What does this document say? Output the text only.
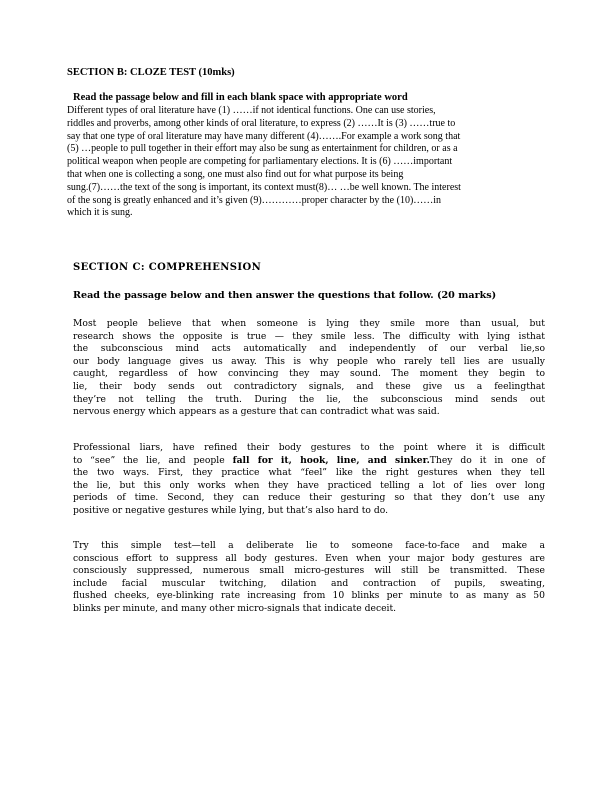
SECTION B: CLOZE TEST (10mks)
Read the passage below and fill in each blank space with appropriate word
Different types of oral literature have (1) ……if not identical functions. One can use stories,
riddles and proverbs, among other kinds of oral literature, to express (2) ……It is (3) ……true to
say that one type of oral literature may have many different (4)…….For example a work song that
(5) …people to pull together in their effort may also be sung as entertainment for children, or as a
political weapon when people are competing for parliamentary elections. It is (6) ……important
that when one is collecting a song, one must also find out for what purpose its being
sung.(7)……the text of the song is important, its context must(8)… …be well known. The interest
of the song is greatly enhanced and it’s given (9)…………proper character by the (10)……in
which it is sung.
SECTION C: COMPREHENSION
Read the passage below and then answer the questions that follow. (20 marks)
Most people believe that when someone is lying they smile more than usual, but
research shows the opposite is true — they smile less. The difficulty with lying isthat
the subconscious mind acts automatically and independently of our verbal lie,so
our body language gives us away. This is why people who rarely tell lies are usually
caught, regardless of how convincing they may sound. The moment they begin to
lie, their body sends out contradictory signals, and these give us a feelingthat
they’re not telling the truth. During the lie, the subconscious mind sends out
nervous energy which appears as a gesture that can contradict what was said.
Professional liars, have refined their body gestures to the point where it is difficult
to “see” the lie, and people fall for it, hook, line, and sinker.They do it in one of
the two ways. First, they practice what “feel” like the right gestures when they tell
the lie, but this only works when they have practiced telling a lot of lies over long
periods of time. Second, they can reduce their gesturing so that they don’t use any
positive or negative gestures while lying, but that’s also hard to do.
Try this simple test—tell a deliberate lie to someone face-to-face and make a
conscious effort to suppress all body gestures. Even when your major body gestures are
consciously suppressed, numerous small micro-gestures will still be transmitted. These
include facial muscular twitching, dilation and contraction of pupils, sweating,
flushed cheeks, eye-blinking rate increasing from 10 blinks per minute to as many as 50
blinks per minute, and many other micro-signals that indicate deceit.
